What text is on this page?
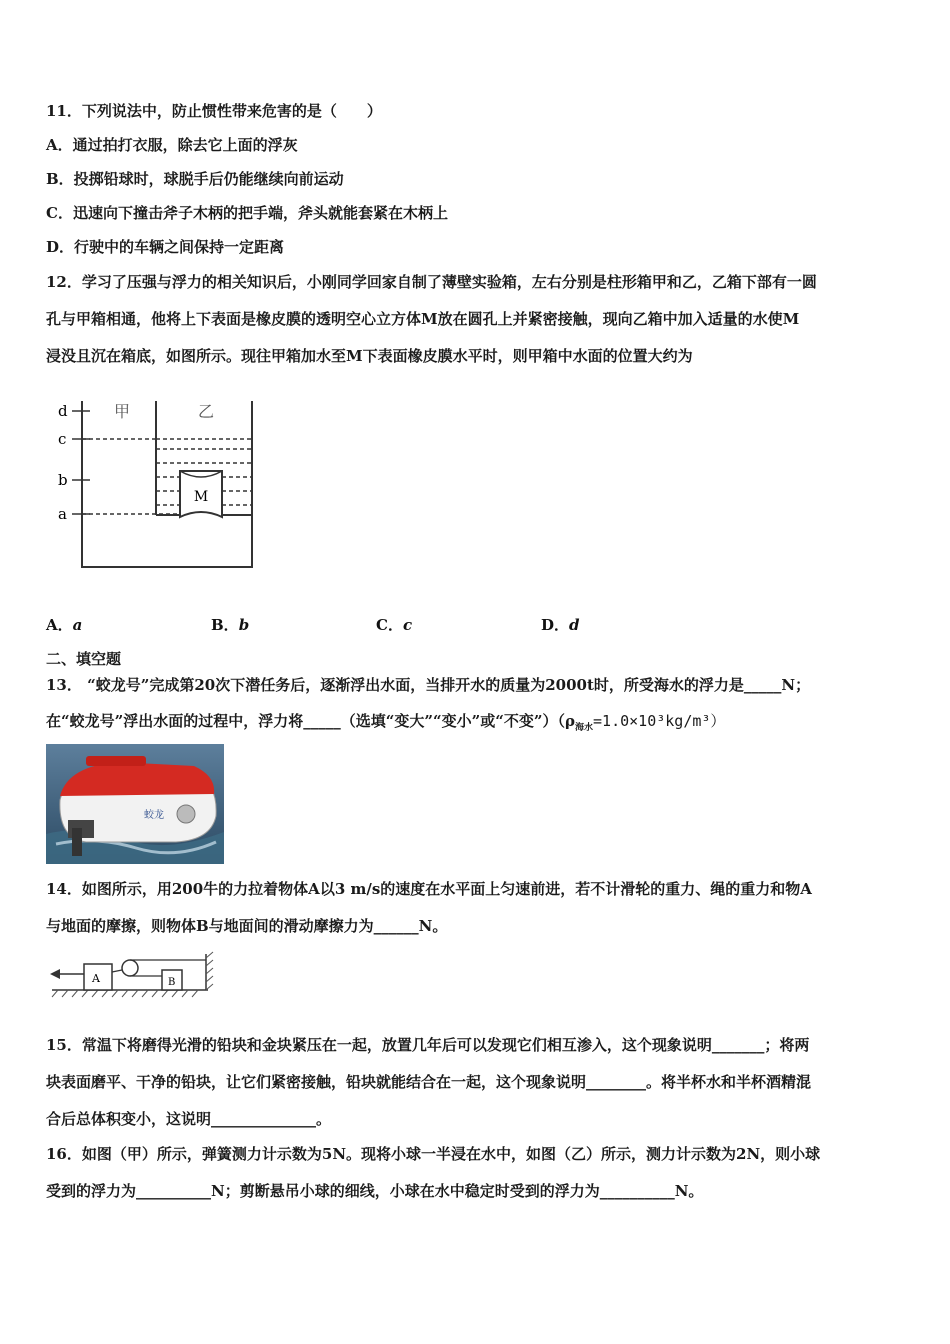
11．下列说法中，防止惯性带来危害的是（　　）
A．通过拍打衣服，除去它上面的浮灰
B．投掷铅球时，球脱手后仍能继续向前运动
C．迅速向下撞击斧子木柄的把手端，斧头就能套紧在木柄上
D．行驶中的车辆之间保持一定距离
12．学习了压强与浮力的相关知识后，小刚同学回家自制了薄壁实验箱，左右分别是柱形箱甲和乙，乙箱下部有一圆
孔与甲箱相通，他将上下表面是橡皮膜的透明空心立方体M放在圆孔上并紧密接触，现向乙箱中加入适量的水使M
浸没且沉在箱底，如图所示。现往甲箱加水至M下表面橡皮膜水平时，则甲箱中水面的位置大约为
M
甲	乙
d
c
b
a
A．a	B．b	C．c	D．d
二、填空题
13． “蛟龙号”完成第20次下潜任务后，逐渐浮出水面，当排开水的质量为2000t时，所受海水的浮力是_____N；
在“蛟龙号”浮出水面的过程中，浮力将_____（选填“变大”“变小”或“不变$”)(\rho_{海水}=1.0\times 10^3kg/m^3)$
蛟龙
14．如图所示，用200牛的力拉着物体A以3 m/s的速度在水平面上匀速前进，若不计滑轮的重力、绳的重力和物A
与地面的摩擦，则物体B与地面间的滑动摩擦力为______N。
A	B
15．常温下将磨得光滑的铅块和金块紧压在一起，放置几年后可以发现它们相互渗入，这个现象说明_______；将两
块表面磨平、干净的铅块，让它们紧密接触，铅块就能结合在一起，这个现象说明________。将半杯水和半杯酒精混
合后总体积变小，这说明______________。
16．如图（甲）所示，弹簧测力计示数为5N。现将小球一半浸在水中，如图（乙）所示，测力计示数为2N，则小球
受到的浮力为__________N；剪断悬吊小球的细线，小球在水中稳定时受到的浮力为__________N。
